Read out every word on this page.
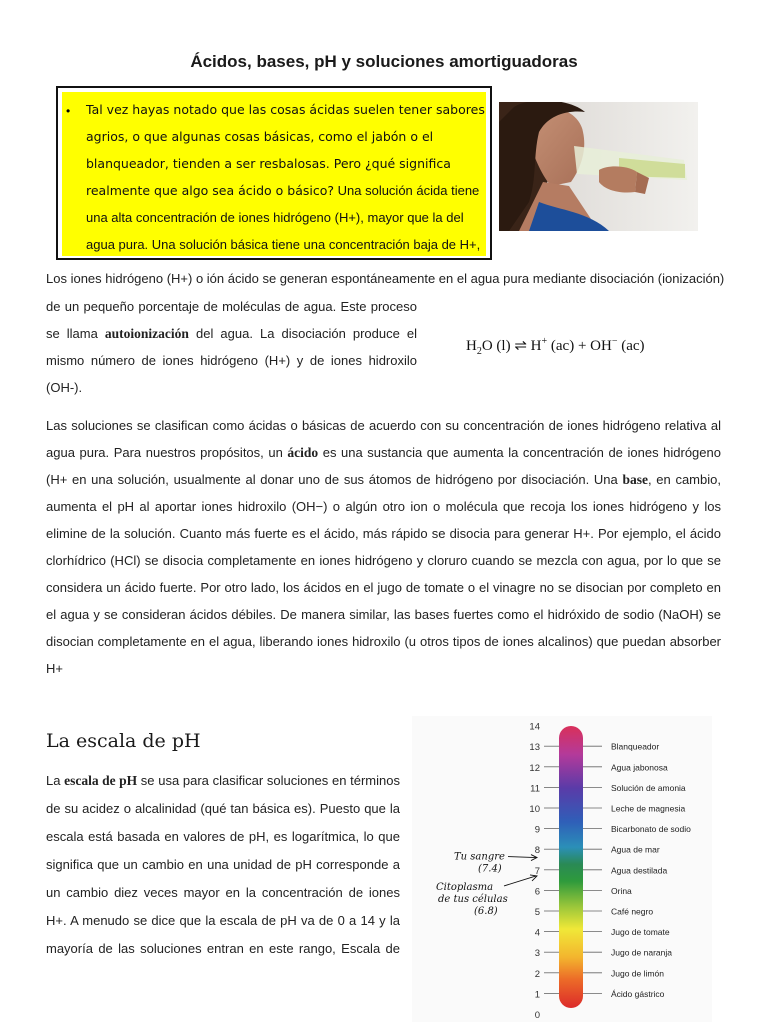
Ácidos, bases, pH y soluciones amortiguadoras
• Tal vez hayas notado que las cosas ácidas suelen tener sabores
agrios, o que algunas cosas básicas, como el jabón o el
blanqueador, tienden a ser resbalosas. Pero ¿qué significa
realmente que algo sea ácido o básico? Una solución ácida tiene
una alta concentración de iones hidrógeno (H+), mayor que la del
agua pura. Una solución básica tiene una concentración baja de H+,
Los iones hidrógeno (H+) o ión ácido se generan espontáneamente en el agua pura mediante disociación (ionización)
de un pequeño porcentaje de moléculas de agua. Este proceso
se llama autoionización del agua. La disociación produce el
mismo número de iones hidrógeno (H+) y de iones hidroxilo
(OH-).
$H_2O$ (l) ⇌ H+ (ac) + OH− (ac)
Las soluciones se clasifican como ácidas o básicas de acuerdo con su concentración de iones hidrógeno relativa al
agua pura. Para nuestros propósitos, un ácido es una sustancia que aumenta la concentración de iones hidrógeno
(H+ en una solución, usualmente al donar uno de sus átomos de hidrógeno por disociación. Una base, en cambio,
aumenta el pH al aportar iones hidroxilo (OH−) o algún otro ion o molécula que recoja los iones hidrógeno y los
elimine de la solución. Cuanto más fuerte es el ácido, más rápido se disocia para generar H+. Por ejemplo, el ácido
clorhídrico (HCl) se disocia completamente en iones hidrógeno y cloruro cuando se mezcla con agua, por lo que se
considera un ácido fuerte. Por otro lado, los ácidos en el jugo de tomate o el vinagre no se disocian por completo en
el agua y se consideran ácidos débiles. De manera similar, las bases fuertes como el hidróxido de sodio (NaOH) se
disocian completamente en el agua, liberando iones hidroxilo (u otros tipos de iones alcalinos) que puedan absorber
H+
La escala de pH
La escala de pH se usa para clasificar soluciones en términos
de su acidez o alcalinidad (qué tan básica es). Puesto que la
escala está basada en valores de pH, es logarítmica, lo que
significa que un cambio en una unidad de pH corresponde a
un cambio diez veces mayor en la concentración de iones
H+. A menudo se dice que la escala de pH va de 0 a 14 y la
mayoría de las soluciones entran en este rango, Escala de
14
13
12
11
10
9
8
7
6
5
4
3
2
1
0
Blanqueador
Agua jabonosa
Solución de amonia
Leche de magnesia
Bicarbonato de sodio
Agua de mar
Agua destilada
Orina
Café negro
Jugo de tomate
Jugo de naranja
Jugo de limón
Ácido gástrico
Tu sangre
(7.4)
Citoplasma
de tus células
(6.8)
